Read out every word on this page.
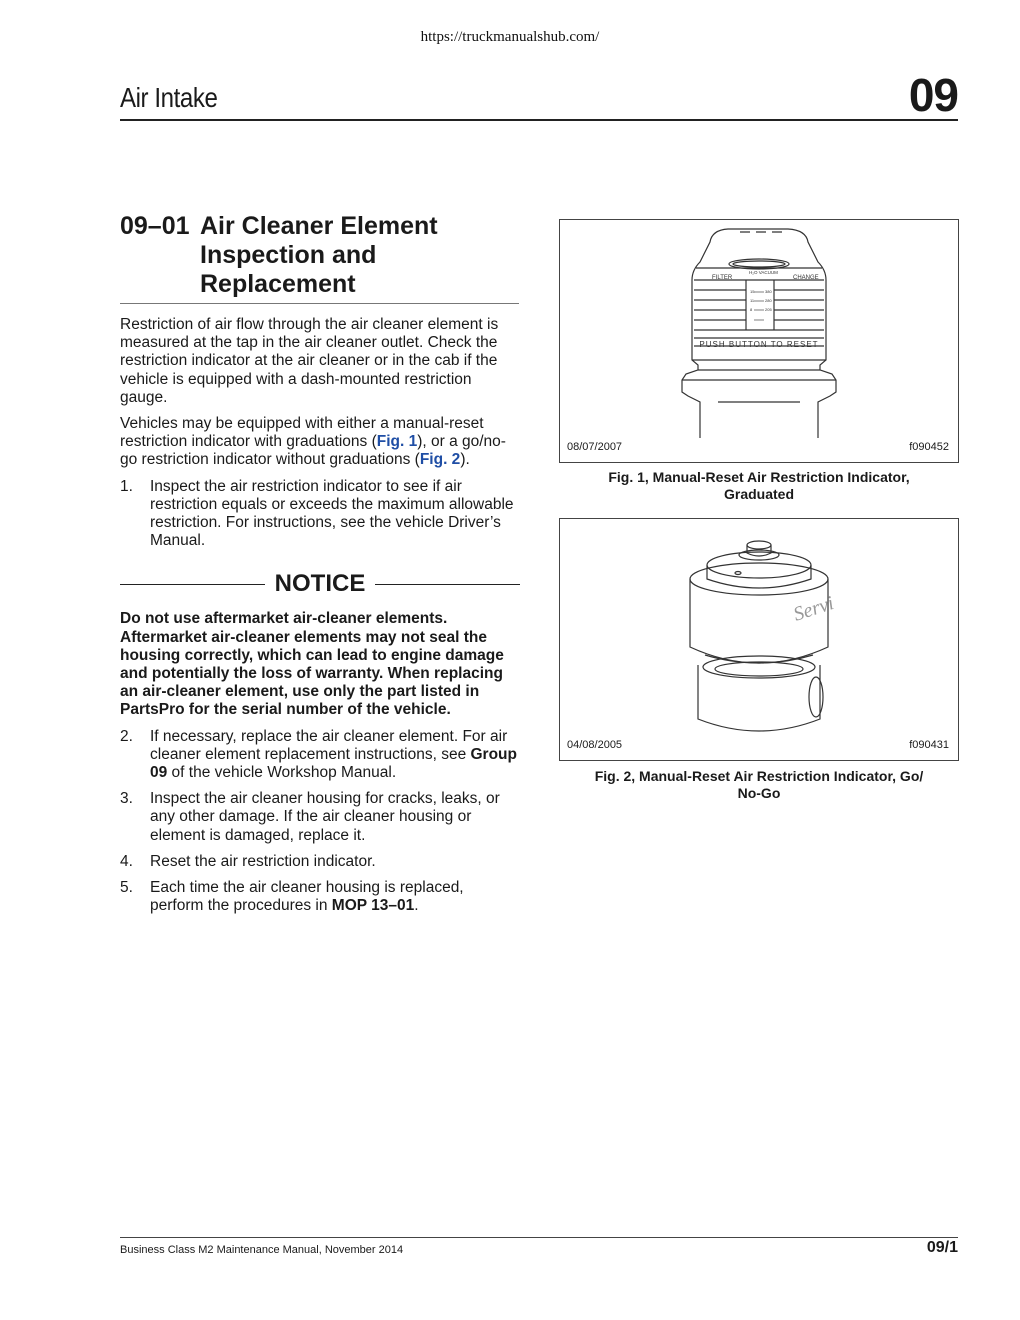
https://truckmanualshub.com/
Air Intake	09
09–01 Air Cleaner Element
Inspection and
Replacement

Restriction of air flow through the air cleaner element is measured at the tap in the air cleaner outlet. Check the restriction indicator at the air cleaner or in the cab if the vehicle is equipped with a dash-mounted restriction gauge.

Vehicles may be equipped with either a manual-reset restriction indicator with graduations (Fig. 1), or a go/no-go restriction indicator without graduations (Fig. 2).

1.	Inspect the air restriction indicator to see if air restriction equals or exceeds the maximum allowable restriction. For instructions, see the vehicle Driver’s Manual.
NOTICE

Do not use aftermarket air-cleaner elements. Aftermarket air-cleaner elements may not seal the housing correctly, which can lead to engine damage and potentially the loss of warranty. When replacing an air-cleaner element, use only the part listed in PartsPro for the serial number of the vehicle.

2.	If necessary, replace the air cleaner element. For air cleaner element replacement instructions, see Group 09 of the vehicle Workshop Manual.
3.	Inspect the air cleaner housing for cracks, leaks, or any other damage. If the air cleaner housing or element is damaged, replace it.
4.	Reset the air restriction indicator.
5.	Each time the air cleaner housing is replaced, perform the procedures in MOP 13–01.
FILTER	CHANGE
H₂O VACUUM
15
11
8
380
280
205
PUSH BUTTON TO RESET
08/07/2007	f090452
Fig. 1, Manual-Reset Air Restriction Indicator,
Graduated
Servi
04/08/2005	f090431
Fig. 2, Manual-Reset Air Restriction Indicator, Go/
No-Go
Business Class M2 Maintenance Manual, November 2014	09/1
